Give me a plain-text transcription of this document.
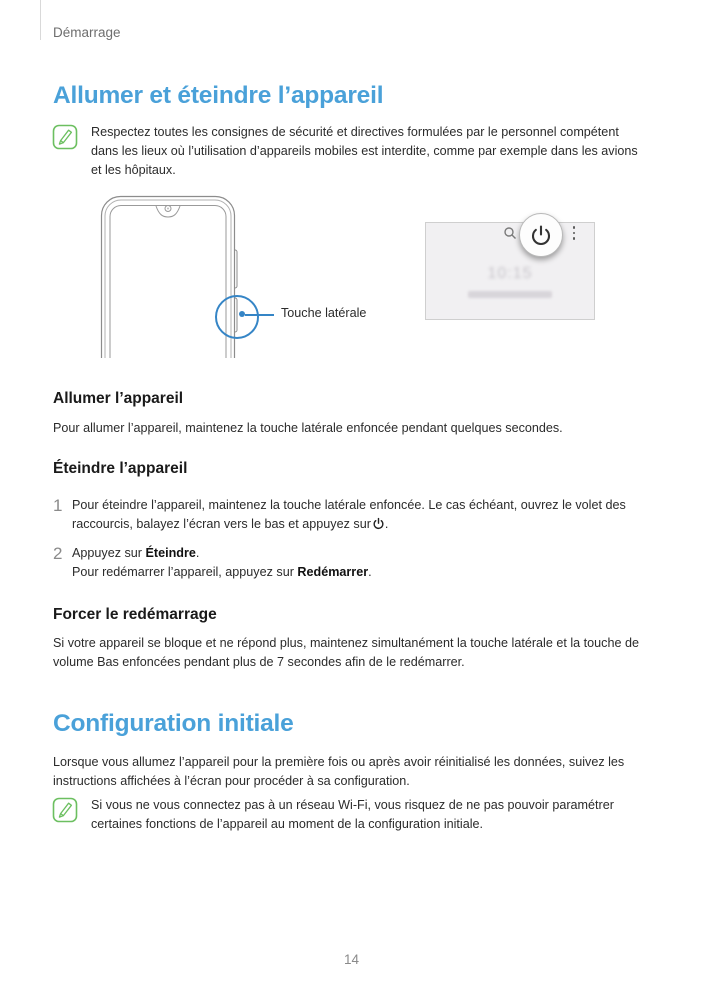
Démarrage
Allumer et éteindre l’appareil
Respectez toutes les consignes de sécurité et directives formulées par le personnel compétent dans les lieux où l’utilisation d’appareils mobiles est interdite, comme par exemple dans les avions et les hôpitaux.
Touche latérale
10:15
Allumer l’appareil
Pour allumer l’appareil, maintenez la touche latérale enfoncée pendant quelques secondes.
Éteindre l’appareil
1 Pour éteindre l’appareil, maintenez la touche latérale enfoncée. Le cas échéant, ouvrez le volet des raccourcis, balayez l’écran vers le bas et appuyez sur .
2 Appuyez sur Éteindre.
Pour redémarrer l’appareil, appuyez sur Redémarrer.
Forcer le redémarrage
Si votre appareil se bloque et ne répond plus, maintenez simultanément la touche latérale et la touche de volume Bas enfoncées pendant plus de 7 secondes afin de le redémarrer.
Configuration initiale
Lorsque vous allumez l’appareil pour la première fois ou après avoir réinitialisé les données, suivez les instructions affichées à l’écran pour procéder à sa configuration.
Si vous ne vous connectez pas à un réseau Wi-Fi, vous risquez de ne pas pouvoir paramétrer certaines fonctions de l’appareil au moment de la configuration initiale.
14
